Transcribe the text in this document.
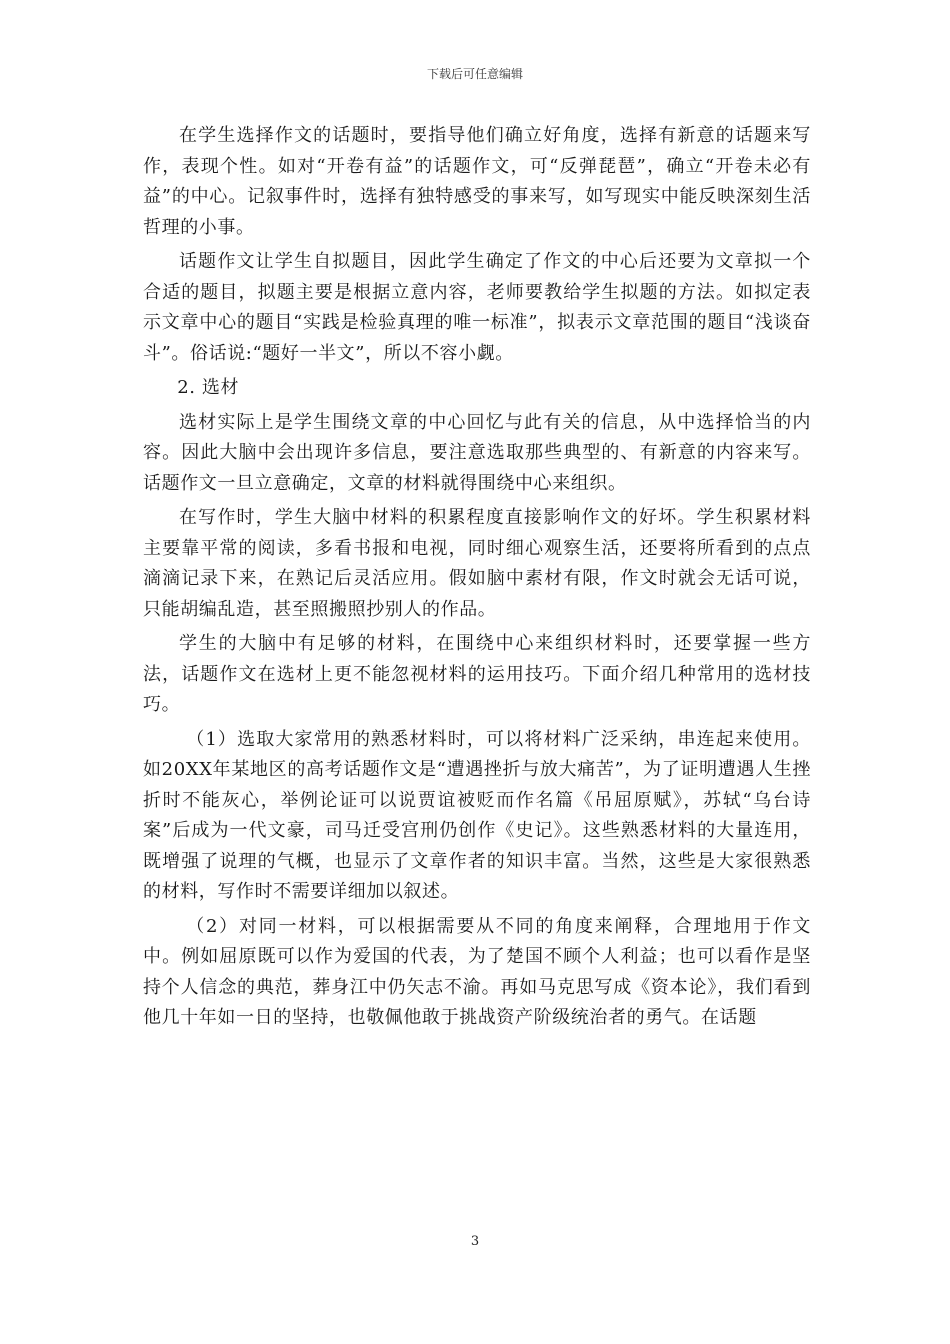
下载后可任意编辑

在学生选择作文的话题时，要指导他们确立好角度，选择有新意的话题来写作，表现个性。如对“开卷有益”的话题作文，可“反弹琵琶”，确立“开卷未必有益”的中心。记叙事件时，选择有独特感受的事来写，如写现实中能反映深刻生活哲理的小事。

话题作文让学生自拟题目，因此学生确定了作文的中心后还要为文章拟一个合适的题目，拟题主要是根据立意内容，老师要教给学生拟题的方法。如拟定表示文章中心的题目“实践是检验真理的唯一标准”，拟表示文章范围的题目“浅谈奋斗”。俗话说:“题好一半文”，所以不容小觑。

2. 选材

选材实际上是学生围绕文章的中心回忆与此有关的信息，从中选择恰当的内容。因此大脑中会出现许多信息，要注意选取那些典型的、有新意的内容来写。话题作文一旦立意确定，文章的材料就得围绕中心来组织。

在写作时，学生大脑中材料的积累程度直接影响作文的好坏。学生积累材料主要靠平常的阅读，多看书报和电视，同时细心观察生活，还要将所看到的点点滴滴记录下来，在熟记后灵活应用。假如脑中素材有限，作文时就会无话可说，只能胡编乱造，甚至照搬照抄别人的作品。

学生的大脑中有足够的材料，在围绕中心来组织材料时，还要掌握一些方法，话题作文在选材上更不能忽视材料的运用技巧。下面介绍几种常用的选材技巧。

（1）选取大家常用的熟悉材料时，可以将材料广泛采纳，串连起来使用。如20XX年某地区的高考话题作文是“遭遇挫折与放大痛苦”，为了证明遭遇人生挫折时不能灰心，举例论证可以说贾谊被贬而作名篇《吊屈原赋》，苏轼“乌台诗案”后成为一代文豪，司马迁受宫刑仍创作《史记》。这些熟悉材料的大量连用，既增强了说理的气概，也显示了文章作者的知识丰富。当然，这些是大家很熟悉的材料，写作时不需要详细加以叙述。

（2）对同一材料，可以根据需要从不同的角度来阐释，合理地用于作文中。例如屈原既可以作为爱国的代表，为了楚国不顾个人利益；也可以看作是坚持个人信念的典范，葬身江中仍矢志不渝。再如马克思写成《资本论》，我们看到他几十年如一日的坚持，也敬佩他敢于挑战资产阶级统治者的勇气。在话题

3
